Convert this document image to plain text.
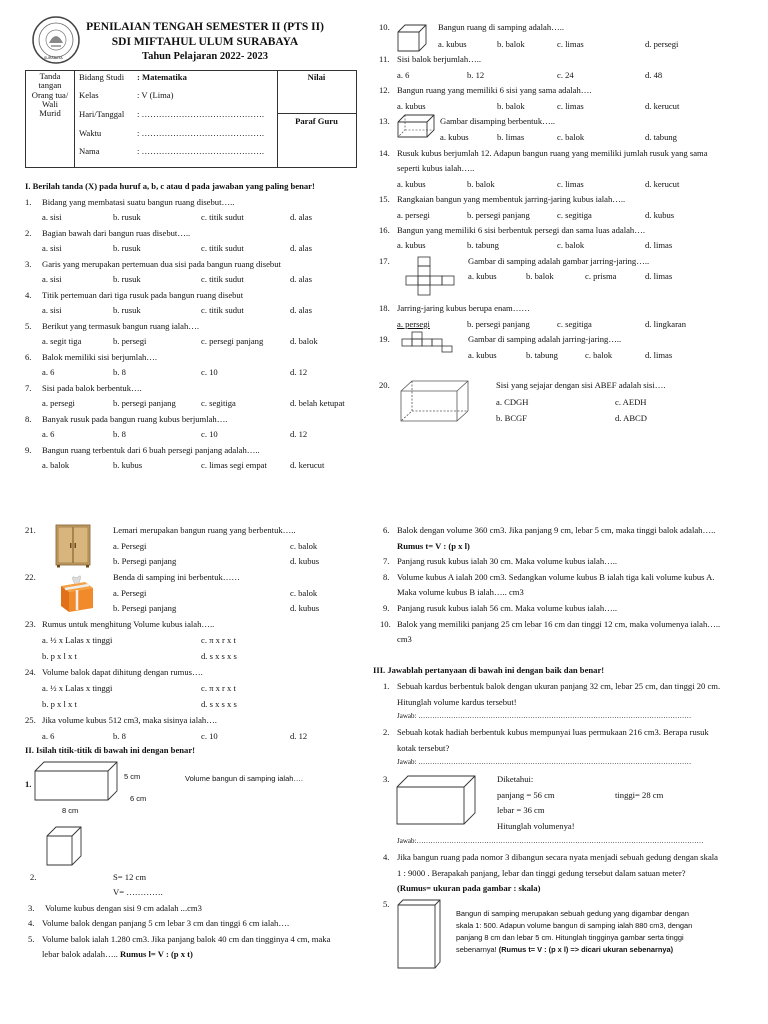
SURABAYA
PENILAIAN TENGAH SEMESTER II (PTS II)
SDI MIFTAHUL ULUM SURABAYA
Tahun Pelajaran 2022- 2023
Tanda
tangan
Orang tua/
Wali
Murid
Bidang Studi : Matematika
Kelas	: V (Lima)
Hari/Tanggal : …………………………………….
Waktu	: …………………………………….
Nama	: …………………………………….
Nilai
Paraf Guru
I. Berilah tanda (X) pada huruf a, b, c atau d pada jawaban yang paling benar!
1. Bidang yang membatasi suatu bangun ruang disebut…..
a. sisi	b. rusuk	c. titik sudut	d. alas
2. Bagian bawah dari bangun ruas disebut…..
a. sisi	b. rusuk	c. titik sudut	d. alas
3. Garis yang merupakan pertemuan dua sisi pada bangun ruang disebut
a. sisi	b. rusuk	c. titik sudut	d. alas
4. Titik pertemuan dari tiga rusuk pada bangun ruang disebut
a. sisi	b. rusuk	c. titik sudut	d. alas
5. Berikut yang termasuk bangun ruang ialah….
a. segit tiga	b. persegi	c. persegi panjang	d. balok
6. Balok memiliki sisi berjumlah….
a. 6	b. 8	c. 10	d. 12
7. Sisi pada balok berbentuk….
a. persegi	b. persegi panjang	c. segitiga	d. belah ketupat
8. Banyak rusuk pada bangun ruang kubus berjumlah….
a. 6	b. 8	c. 10	d. 12
9. Bangun ruang terbentuk dari 6 buah persegi panjang adalah…..
a. balok	b. kubus	c. limas segi empat	d. kerucut
10.	Bangun ruang di samping adalah…..
a. kubus	b. balok	c. limas	d. persegi
11. Sisi balok berjumlah…..
a. 6	b. 12	c. 24	d. 48
12. Bangun ruang yang memiliki 6 sisi yang sama adalah….
a. kubus	b. balok	c. limas	d. kerucut
13.	Gambar disamping berbentuk…..
a. kubus	b. limas	c. balok	d. tabung
14. Rusuk kubus berjumlah 12. Adapun bangun ruang yang memiliki jumlah rusuk yang sama
seperti kubus ialah…..
a. kubus	b. balok	c. limas	d. kerucut
15. Rangkaian bangun yang membentuk jarring-jaring kubus ialah…..
a. persegi	b. persegi panjang	c. segitiga	d. kubus
16. Bangun yang memiliki 6 sisi berbentuk persegi dan sama luas adalah….
a. kubus	b. tabung	c. balok	d. limas
17.	Gambar di samping adalah gambar jarring-jaring…..
a. kubus	b. balok	c. prisma	d. limas
18. Jarring-jaring kubus berupa enam……
a. persegi	b. persegi panjang	c. segitiga	d. lingkaran
19.	Gambar di samping adalah jarring-jaring…..
a. kubus	b. tabung	c. balok	d. limas
20.	Sisi yang sejajar dengan sisi ABEF adalah sisi….
a. CDGH	c. AEDH
b. BCGF	d. ABCD
21.	Lemari merupakan bangun ruang yang berbentuk…..
a. Persegi	c. balok
b. Persegi panjang	d. kubus
22.	Benda di samping ini berbentuk……
a. Persegi	c. balok
b. Persegi panjang	d. kubus
23. Rumus untuk menghitung Volume kubus ialah…..
a. ½ x Lalas x tinggi	c. π x r x t
b. p x l x t	d. s x s x s
24. Volume balok dapat dihitung dengan rumus….
a. ½ x Lalas x tinggi	c. π x r x t
b. p x l x t	d. s x s x s
25. Jika volume kubus 512 cm3, maka sisinya ialah….
a. 6	b. 8	c. 10	d. 12
II. Isilah titik-titik di bawah ini dengan benar!
1.
5 cm
6 cm
8 cm
Volume bangun di samping ialah….
2.	S= 12 cm
V= ………….
3. Volume kubus dengan sisi 9 cm adalah ...cm3
4. Volume balok dengan panjang 5 cm lebar 3 cm dan tinggi 6 cm ialah….
5. Volume balok ialah 1.280 cm3. Jika panjang balok 40 cm dan tingginya 4 cm, maka
lebar balok adalah….. Rumus l= V : (p x t)
6. Balok dengan volume 360 cm3. Jika panjang 9 cm, lebar 5 cm, maka tinggi balok adalah…..
Rumus t= V : (p x l)
7. Panjang rusuk kubus ialah 30 cm. Maka volume kubus ialah…..
8. Volume kubus A ialah 200 cm3. Sedangkan volume kubus B ialah tiga kali volume kubus A.
Maka volume kubus B ialah….. cm3
9. Panjang rusuk kubus ialah 56 cm. Maka volume kubus ialah…..
10. Balok yang memiliki panjang 25 cm lebar 16 cm dan tinggi 12 cm, maka volumenya ialah…..
cm3
III. Jawablah pertanyaan di bawah ini dengan baik dan benar!
1. Sebuah kardus berbentuk balok dengan ukuran panjang 32 cm, lebar 25 cm, dan tinggi 20 cm.
Hitunglah volume kardus tersebut!
Jawab: ………………………………………………………………………………………………………
2. Sebuah kotak hadiah berbentuk kubus mempunyai luas permukaan 216 cm3. Berapa rusuk
kotak tersebut?
Jawab: ………………………………………………………………………………………………………
3.	Diketahui:
panjang = 56 cm	tinggi= 28 cm
lebar = 36 cm
Hitunglah volumenya!
Jawab:……………………………………………………………………………………………………………
4. Jika bangun ruang pada nomor 3 dibangun secara nyata menjadi sebuah gedung dengan skala
1 : 9000 . Berapakah panjang, lebar dan tinggi gedung tersebut dalam satuan meter?
(Rumus= ukuran pada gambar : skala)
5.
Bangun di samping merupakan sebuah gedung yang digambar dengan
skala 1: 500. Adapun volume bangun di samping ialah 880 cm3, dengan
panjang 8 cm dan lebar 5 cm. Hitunglah tingginya gambar serta tinggi
sebenarnya! (Rumus t= V : (p x l) => dicari ukuran sebenarnya)
